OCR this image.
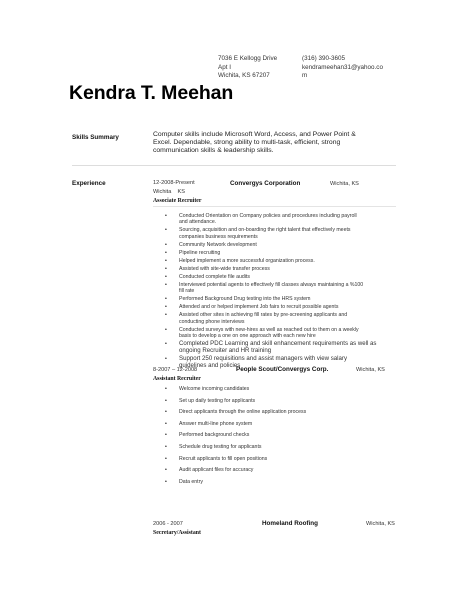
7036 E Kellogg Drive
Apt I
Wichita, KS 67207
(316) 390-3605
kendrameehan31@yahoo.co
m
Kendra T. Meehan
Skills Summary	Computer skills include Microsoft Word, Access, and Power Point &
Excel. Dependable, strong ability to multi-task, efficient, strong
communication skills & leadership skills.
Experience	12-2008-Present	Convergys Corporation	Wichita, KS
Wichita    KS
Associate Recruiter
• Conducted Orientation on Company policies and procedures including payroll
and attendance.
• Sourcing, acquisition and on-boarding the right talent that effectively meets
companies business requirements
• Community Network development
• Pipeline recruiting
• Helped implement a more successful organization process.
• Assisted with site-wide transfer process
• Conducted complete file audits
• Interviewed potential agents to effectively fill classes always maintaining a %100
fill rate
• Performed Background Drug testing into the HRS system
• Attended and or helped implement Job fairs to recruit possible agents
• Assisted other sites in achieving fill rates by pre-screening applicants and
conducting phone interviews
• Conducted surveys with new-hires as well as reached out to them on a weekly
basis to develop a one on one approach with each new hire
• Completed PDC Learning and skill enhancement requirements as well as
ongoing Recruiter and HR training
• Support 250 requisitions and assist managers with view salary
guidelines and policies
8-2007 – 12-2008	People Scout/Convergys Corp.	Wichita, KS
Assistant Recruiter
• Welcome incoming candidates
• Set up daily testing for applicants
• Direct applicants through the online application process
• Answer multi-line phone system
• Performed background checks
• Schedule drug testing for applicants
• Recruit applicants to fill open positions
• Audit applicant files for accuracy
• Data entry
2006 - 2007	Homeland Roofing	Wichita, KS
Secretary/Assistant
